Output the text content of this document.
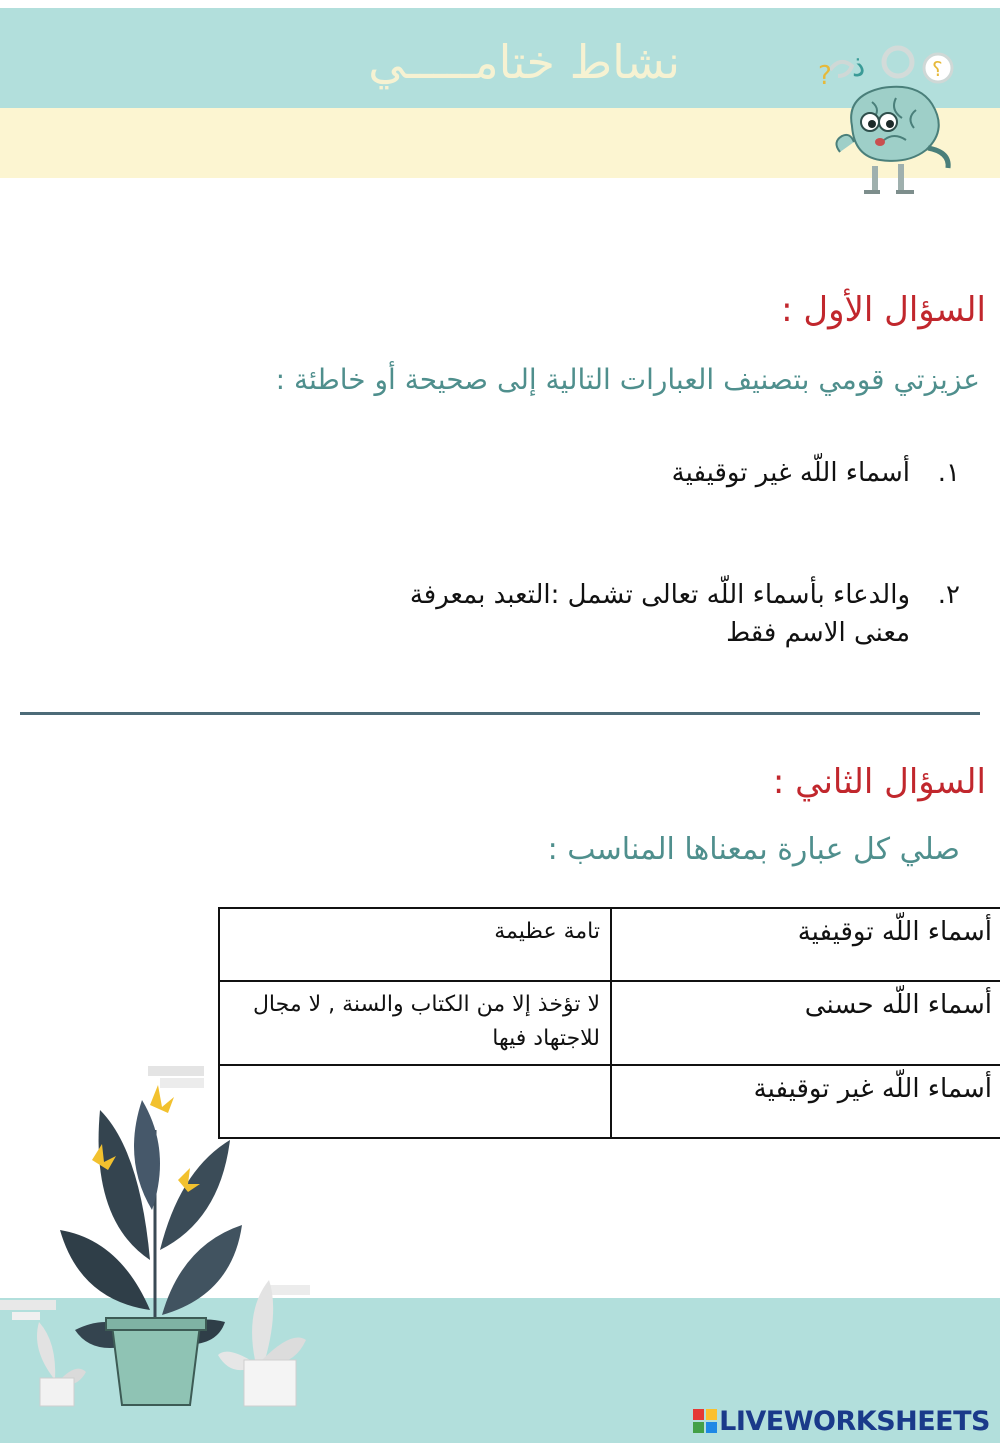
نشاط ختامـــــي	? ذ	؟
السؤال الأول :
عزيزتي قومي بتصنيف العبارات التالية إلى صحيحة أو خاطئة :
١.أسماء اللّه غير توقيفية
٢.والدعاء بأسماء اللّه تعالى تشمل :التعبد بمعرفة معنى الاسم فقط
السؤال الثاني :
صلي كل عبارة بمعناها المناسب :
أسماء اللّه توقيفية	تامة عظيمة
أسماء اللّه حسنى	لا تؤخذ إلا من الكتاب والسنة , لا مجال للاجتهاد فيها
أسماء اللّه غير توقيفية	
LIVEWORKSHEETS
